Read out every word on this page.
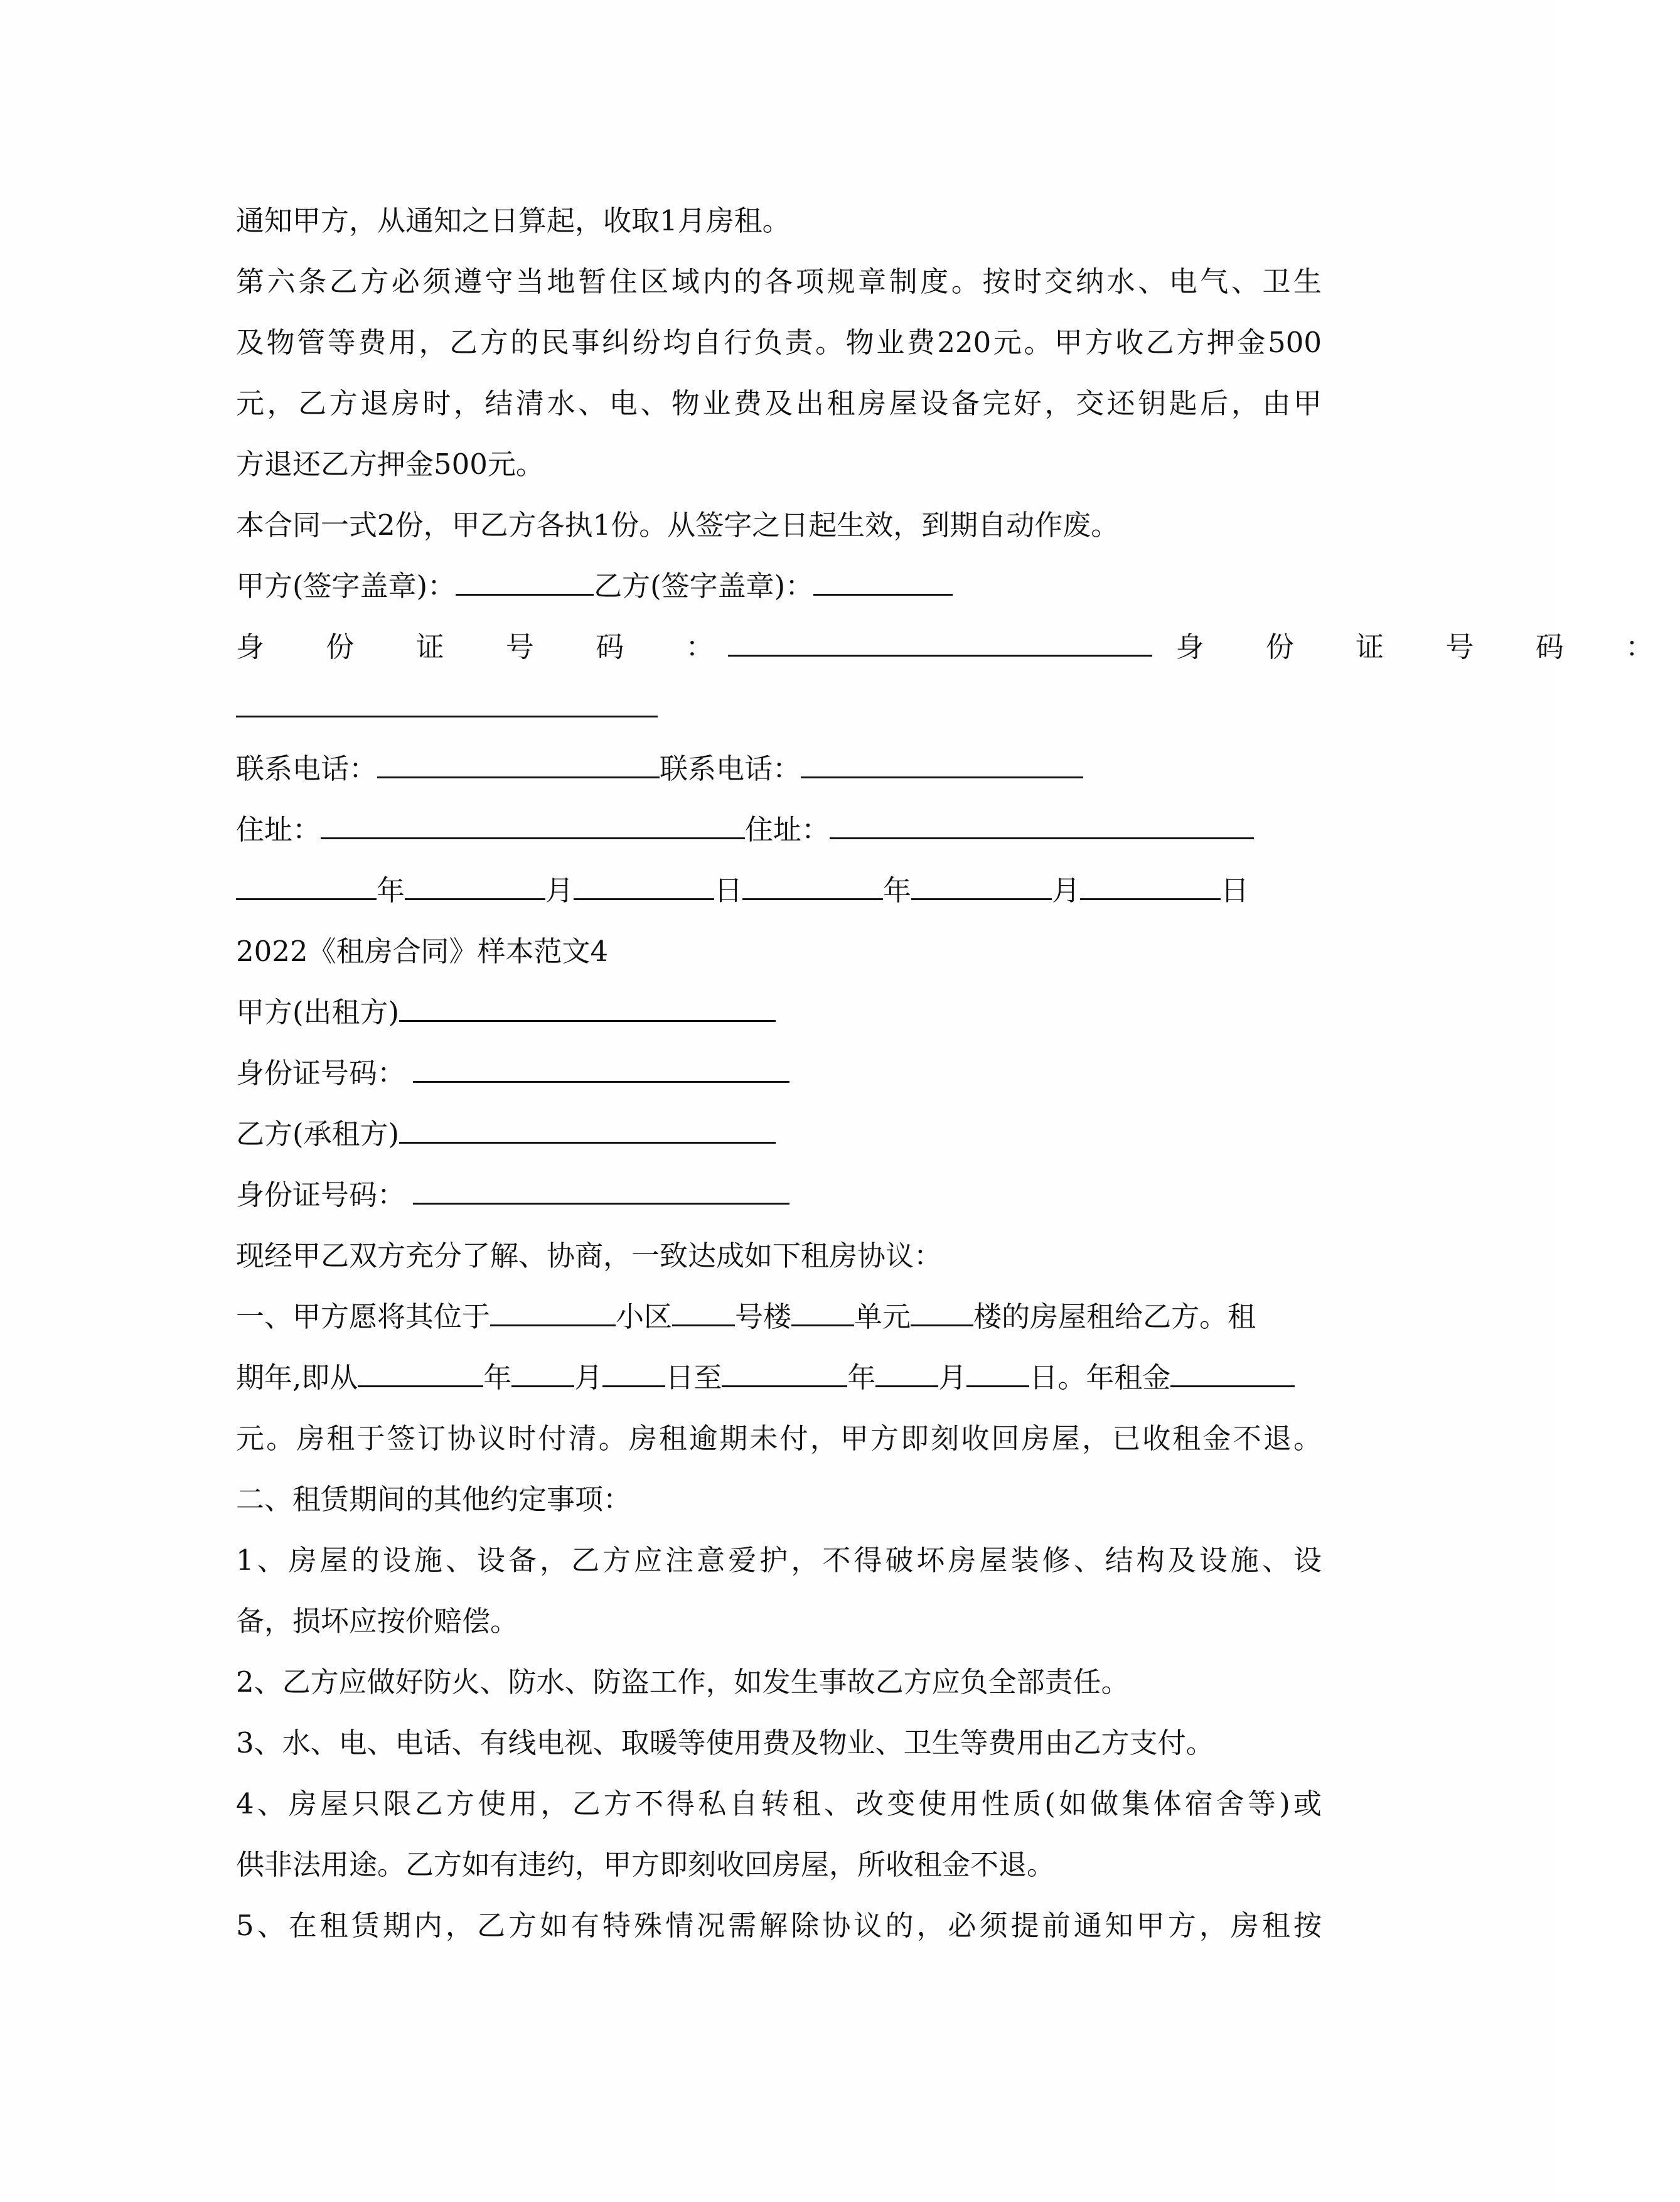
通知甲方，从通知之日算起，收取1月房租。
第六条乙方必须遵守当地暂住区域内的各项规章制度。按时交纳水、电气、卫生
及物管等费用，乙方的民事纠纷均自行负责。物业费220元。甲方收乙方押金500
元，乙方退房时，结清水、电、物业费及出租房屋设备完好，交还钥匙后，由甲
方退还乙方押金500元。
本合同一式2份，甲乙方各执1份。从签字之日起生效，到期自动作废。
甲方(签字盖章)：	乙方(签字盖章)：
身 份 证 号 码 ：	身 份 证 号 码 ：
联系电话：	联系电话：
住址：	住址：
年	月	日	年	月	日
2022《租房合同》样本范文4
甲方(出租方)
身份证号码：
乙方(承租方)
身份证号码：
现经甲乙双方充分了解、协商，一致达成如下租房协议：
一、甲方愿将其位于	小区 号楼 单元 楼的房屋租给乙方。租
期年,即从	年 月 日至	年 月 日。年租金
元。房租于签订协议时付清。房租逾期未付，甲方即刻收回房屋，已收租金不退。
二、租赁期间的其他约定事项：
1、房屋的设施、设备，乙方应注意爱护，不得破坏房屋装修、结构及设施、设
备，损坏应按价赔偿。
2、乙方应做好防火、防水、防盗工作，如发生事故乙方应负全部责任。
3、水、电、电话、有线电视、取暖等使用费及物业、卫生等费用由乙方支付。
4、房屋只限乙方使用，乙方不得私自转租、改变使用性质(如做集体宿舍等)或
供非法用途。乙方如有违约，甲方即刻收回房屋，所收租金不退。
5、在租赁期内，乙方如有特殊情况需解除协议的，必须提前通知甲方，房租按
